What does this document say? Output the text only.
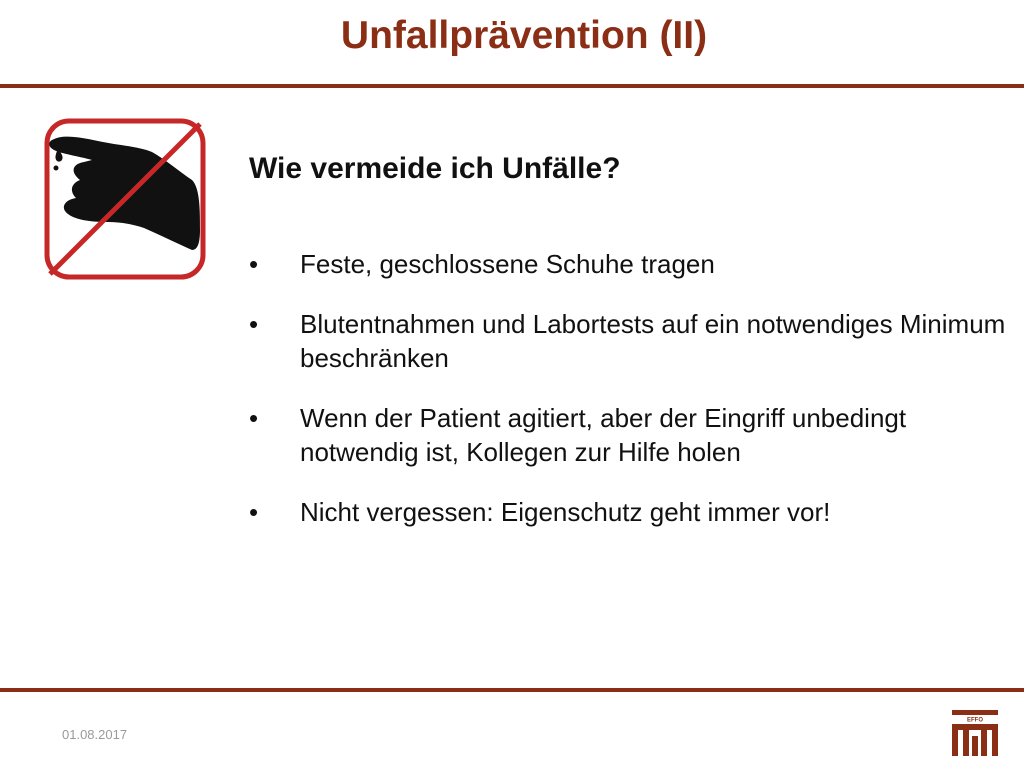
Unfallprävention (II)
Wie vermeide ich Unfälle?
• Feste, geschlossene Schuhe tragen
• Blutentnahmen und Labortests auf ein notwendiges Minimum beschränken
• Wenn der Patient agitiert, aber der Eingriff unbedingt notwendig ist, Kollegen zur Hilfe holen
• Nicht vergessen: Eigenschutz geht immer vor!
01.08.2017
EFFO
